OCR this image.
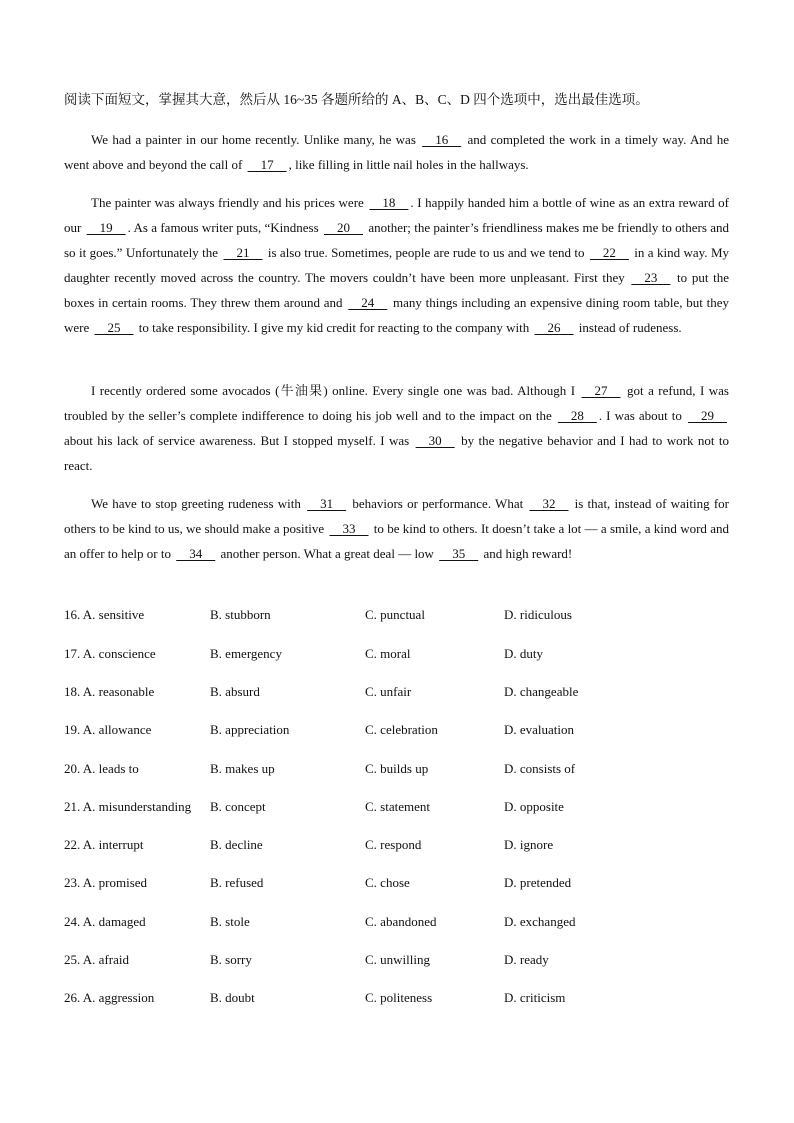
阅读下面短文，掌握其大意，然后从 16~35 各题所给的 A、B、C、D 四个选项中，选出最佳选项。

We had a painter in our home recently. Unlike many, he was     16     and completed the work in a timely way. And he went above and beyond the call of     17    , like filling in little nail holes in the hallways.

The painter was always friendly and his prices were     18    . I happily handed him a bottle of wine as an extra reward of our     19    . As a famous writer puts, “Kindness     20     another; the painter’s friendliness makes me be friendly to others and so it goes.” Unfortunately the     21     is also true. Sometimes, people are rude to us and we tend to     22     in a kind way. My daughter recently moved across the country. The movers couldn’t have been more unpleasant. First they     23     to put the boxes in certain rooms. They threw them around and     24     many things including an expensive dining room table, but they were     25     to take responsibility. I give my kid credit for reacting to the company with     26     instead of rudeness.

I recently ordered some avocados (牛油果) online. Every single one was bad. Although I     27     got a refund, I was troubled by the seller’s complete indifference to doing his job well and to the impact on the     28    . I was about to     29     about his lack of service awareness. But I stopped myself. I was     30     by the negative behavior and I had to work not to react.

We have to stop greeting rudeness with     31     behaviors or performance. What     32     is that, instead of waiting for others to be kind to us, we should make a positive     33     to be kind to others. It doesn’t take a lot — a smile, a kind word and an offer to help or to     34     another person. What a great deal — low     35     and high reward!

16. A. sensitive	B. stubborn	C. punctual	D. ridiculous
17. A. conscience	B. emergency	C. moral	D. duty
18. A. reasonable	B. absurd	C. unfair	D. changeable
19. A. allowance	B. appreciation	C. celebration	D. evaluation
20. A. leads to	B. makes up	C. builds up	D. consists of
21. A. misunderstanding B. concept	C. statement	D. opposite
22. A. interrupt	B. decline	C. respond	D. ignore
23. A. promised	B. refused	C. chose	D. pretended
24. A. damaged	B. stole	C. abandoned	D. exchanged
25. A. afraid	B. sorry	C. unwilling	D. ready
26. A. aggression	B. doubt	C. politeness	D. criticism
